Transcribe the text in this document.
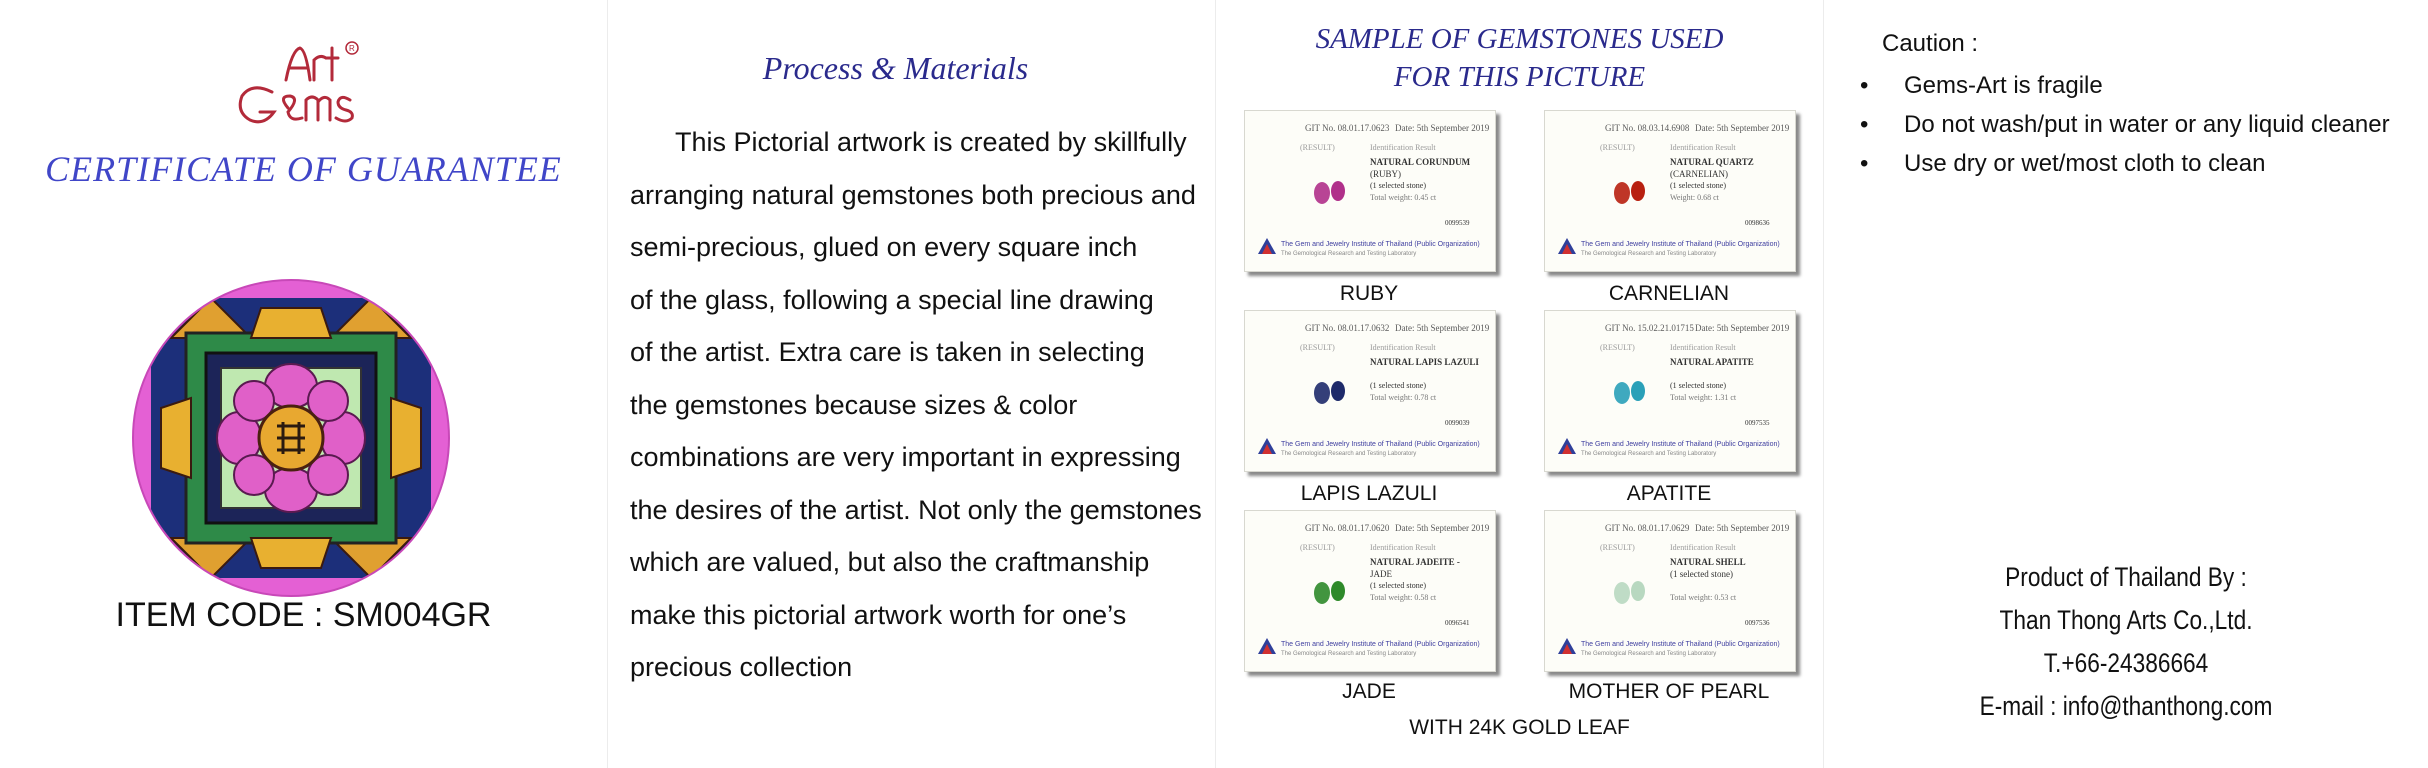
R
CERTIFICATE OF GUARANTEE
ITEM CODE : SM004GR
Process & Materials
This Pictorial artwork is created by skillfully
arranging natural gemstones both precious and
semi-precious, glued on every square inch
of the glass, following a special line drawing
of the artist. Extra care is taken in selecting
the gemstones because sizes & color
combinations are very important in expressing
the desires of the artist. Not only the gemstones
which are valued, but also the craftmanship
make this pictorial artwork worth for one’s
precious collection
SAMPLE OF GEMSTONES USED
FOR THIS PICTURE
GIT No. 08.01.17.0623 Date: 5th September 2019
(RESULT)	Identification Result
NATURAL CORUNDUM
(RUBY)
(1 selected stone)
Total weight: 0.45 ct
0099539
The Gem and Jewelry Institute of Thailand (Public Organization)
The Gemological Research and Testing Laboratory
RUBY
GIT No. 08.03.14.6908 Date: 5th September 2019
(RESULT)	Identification Result
NATURAL QUARTZ
(CARNELIAN)
(1 selected stone)
Weight: 0.68 ct
0098636
The Gem and Jewelry Institute of Thailand (Public Organization)
The Gemological Research and Testing Laboratory
CARNELIAN
GIT No. 08.01.17.0632 Date: 5th September 2019
(RESULT)	Identification Result
NATURAL LAPIS LAZULI
(1 selected stone)
Total weight: 0.78 ct
0099039
The Gem and Jewelry Institute of Thailand (Public Organization)
The Gemological Research and Testing Laboratory
LAPIS LAZULI
GIT No. 15.02.21.01715 Date: 5th September 2019
(RESULT)	Identification Result
NATURAL APATITE
(1 selected stone)
Total weight: 1.31 ct
0097535
The Gem and Jewelry Institute of Thailand (Public Organization)
The Gemological Research and Testing Laboratory
APATITE
GIT No. 08.01.17.0620 Date: 5th September 2019
(RESULT)	Identification Result
NATURAL JADEITE -
JADE
(1 selected stone)
Total weight: 0.58 ct
0096541
The Gem and Jewelry Institute of Thailand (Public Organization)
The Gemological Research and Testing Laboratory
JADE
GIT No. 08.01.17.0629 Date: 5th September 2019
(RESULT)	Identification Result
NATURAL SHELL
(1 selected stone)
Total weight: 0.53 ct
0097536
The Gem and Jewelry Institute of Thailand (Public Organization)
The Gemological Research and Testing Laboratory
MOTHER OF PEARL
WITH 24K GOLD LEAF
Caution :
• Gems-Art is fragile
• Do not wash/put in water or any liquid cleaner
• Use dry or wet/most cloth to clean
Product of Thailand By :
Than Thong Arts Co.,Ltd.
T.+66-24386664
E-mail : info@thanthong.com
